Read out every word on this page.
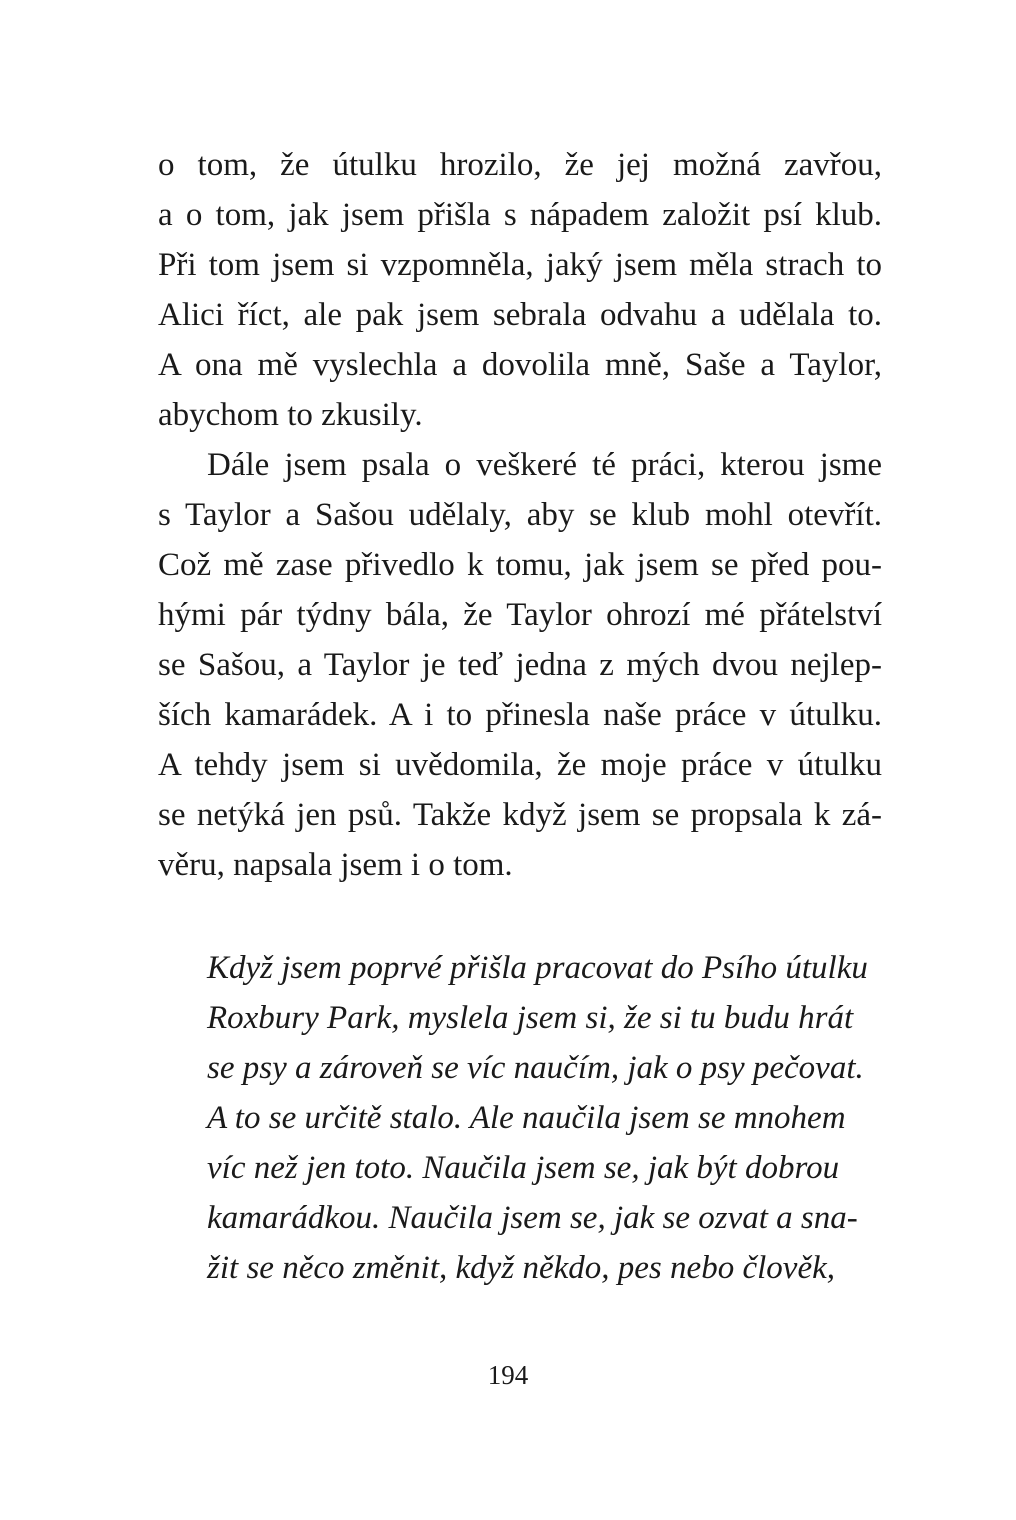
o tom, že útulku hrozilo, že jej možná zavřou,
a o tom, jak jsem přišla s nápadem založit psí klub.
Při tom jsem si vzpomněla, jaký jsem měla strach to
Alici říct, ale pak jsem sebrala odvahu a udělala to.
A ona mě vyslechla a dovolila mně, Saše a Taylor,
abychom to zkusily.
Dále jsem psala o veškeré té práci, kterou jsme
s Taylor a Sašou udělaly, aby se klub mohl otevřít.
Což mě zase přivedlo k tomu, jak jsem se před pou-
hými pár týdny bála, že Taylor ohrozí mé přátelství
se Sašou, a Taylor je teď jedna z mých dvou nejlep-
ších kamarádek. A i to přinesla naše práce v útulku.
A tehdy jsem si uvědomila, že moje práce v útulku
se netýká jen psů. Takže když jsem se propsala k zá-
věru, napsala jsem i o tom.
Když jsem poprvé přišla pracovat do Psího útulku
Roxbury Park, myslela jsem si, že si tu budu hrát
se psy a zároveň se víc naučím, jak o psy pečovat.
A to se určitě stalo. Ale naučila jsem se mnohem
víc než jen toto. Naučila jsem se, jak být dobrou
kamarádkou. Naučila jsem se, jak se ozvat a sna-
žit se něco změnit, když někdo, pes nebo člověk,
194
